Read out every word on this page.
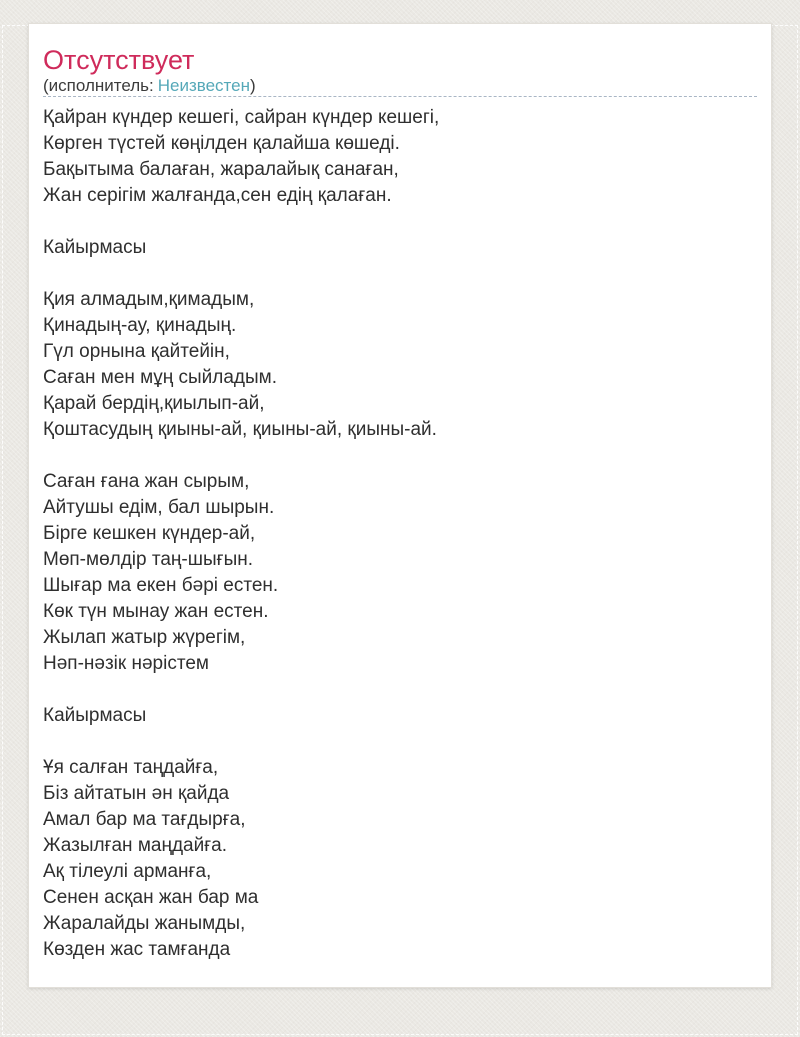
Отсутствует
(исполнитель: Неизвестен)
Қайран күндер кешегі, сайран күндер кешегі,
Көрген түстей көңілден қалайша көшеді.
Бақытыма балаған, жаралайық санаған,
Жан серігім жалғанда,сен едің қалаған.
Кайырмасы
Қия алмадым,қимадым,
Қинадың-ау, қинадың.
Гүл орнына қайтейін,
Саған мен мұң сыйладым.
Қарай бердің,қиылып-ай,
Қоштасудың қиыны-ай, қиыны-ай, қиыны-ай.
Саған ғана жан сырым,
Айтушы едім, бал шырын.
Бірге кешкен күндер-ай,
Мөп-мөлдір таң-шығын.
Шығар ма екен бәрі естен.
Көк түн мынау жан естен.
Жылап жатыр жүрегім,
Нәп-нәзік нәрістем
Кайырмасы
Ұя салған таңдайға,
Біз айтатын ән қайда
Амал бар ма тағдырға,
Жазылған маңдайға.
Ақ тілеулі арманға,
Сенен асқан жан бар ма
Жаралайды жанымды,
Көзден жас тамғанда
